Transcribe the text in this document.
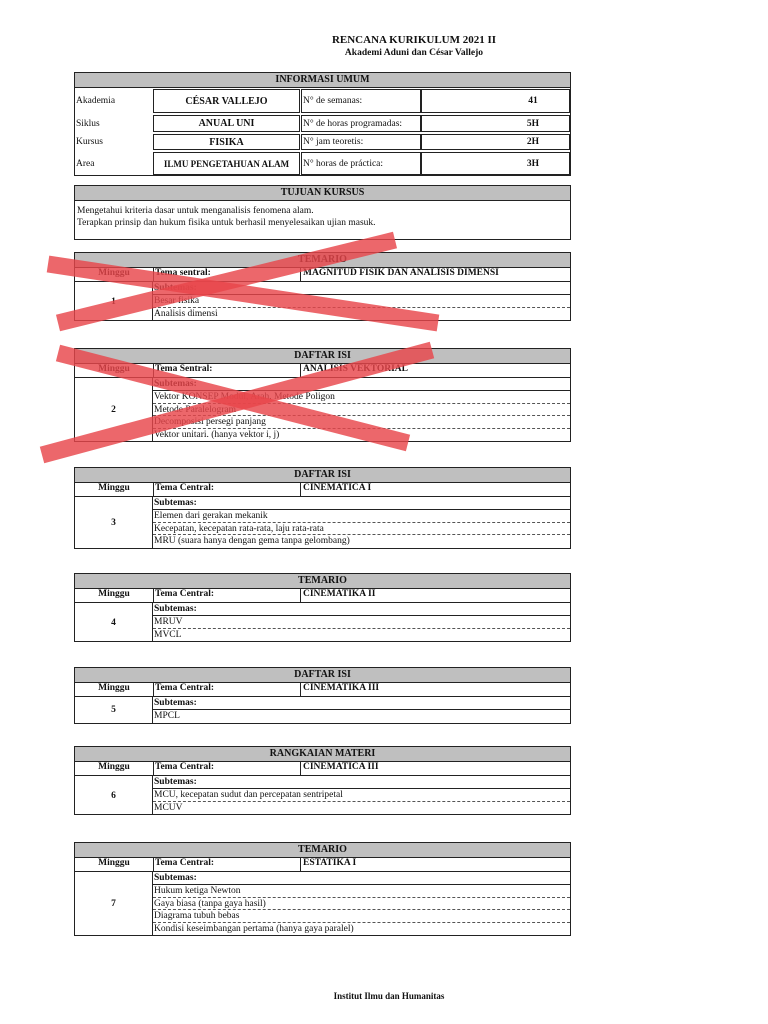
RENCANA KURIKULUM 2021 II
Akademi Aduni dan César Vallejo
INFORMASI UMUM
Akademia	CÉSAR VALLEJO	N° de semanas:	41
Siklus	ANUAL UNI	N° de horas programadas:	5H
Kursus	FISIKA	N° jam teoretis:	2H
Area	ILMU PENGETAHUAN ALAM	N° horas de práctica:	3H
TUJUAN KURSUS
Mengetahui kriteria dasar untuk menganalisis fenomena alam.
Terapkan prinsip dan hukum fisika untuk berhasil menyelesaikan ujian masuk.
TEMARIO
Minggu	Tema sentral:	MAGNITUD FISIK DAN ANALISIS DIMENSI
1
Subtemas:
Besar fisika
Analisis dimensi
DAFTAR ISI
Minggu	Tema Sentral:	ANALISIS VEKTORIAL
2
Subtemas:
Vektor KONSEP Modul, Arah. Metode Poligon
Metode Paralelogram
Decomposisi persegi panjang
Vektor unitari. (hanya vektor i, j)
DAFTAR ISI
Minggu	Tema Central:	CINEMATICA I
3
Subtemas:
Elemen dari gerakan mekanik
Kecepatan, kecepatan rata-rata, laju rata-rata
MRU (suara hanya dengan gema tanpa gelombang)
TEMARIO
Minggu	Tema Central:	CINEMATIKA II
4
Subtemas:
MRUV
MVCL
DAFTAR ISI
Minggu	Tema Central:	CINEMATIKA III
5
Subtemas:
MPCL
RANGKAIAN MATERI
Minggu	Tema Central:	CINEMATICA III
6
Subtemas:
MCU, kecepatan sudut dan percepatan sentripetal
MCUV
TEMARIO
Minggu	Tema Central:	ESTATIKA I
7
Subtemas:
Hukum ketiga Newton
Gaya biasa (tanpa gaya hasil)
Diagrama tubuh bebas
Kondisi keseimbangan pertama (hanya gaya paralel)
Institut Ilmu dan Humanitas
